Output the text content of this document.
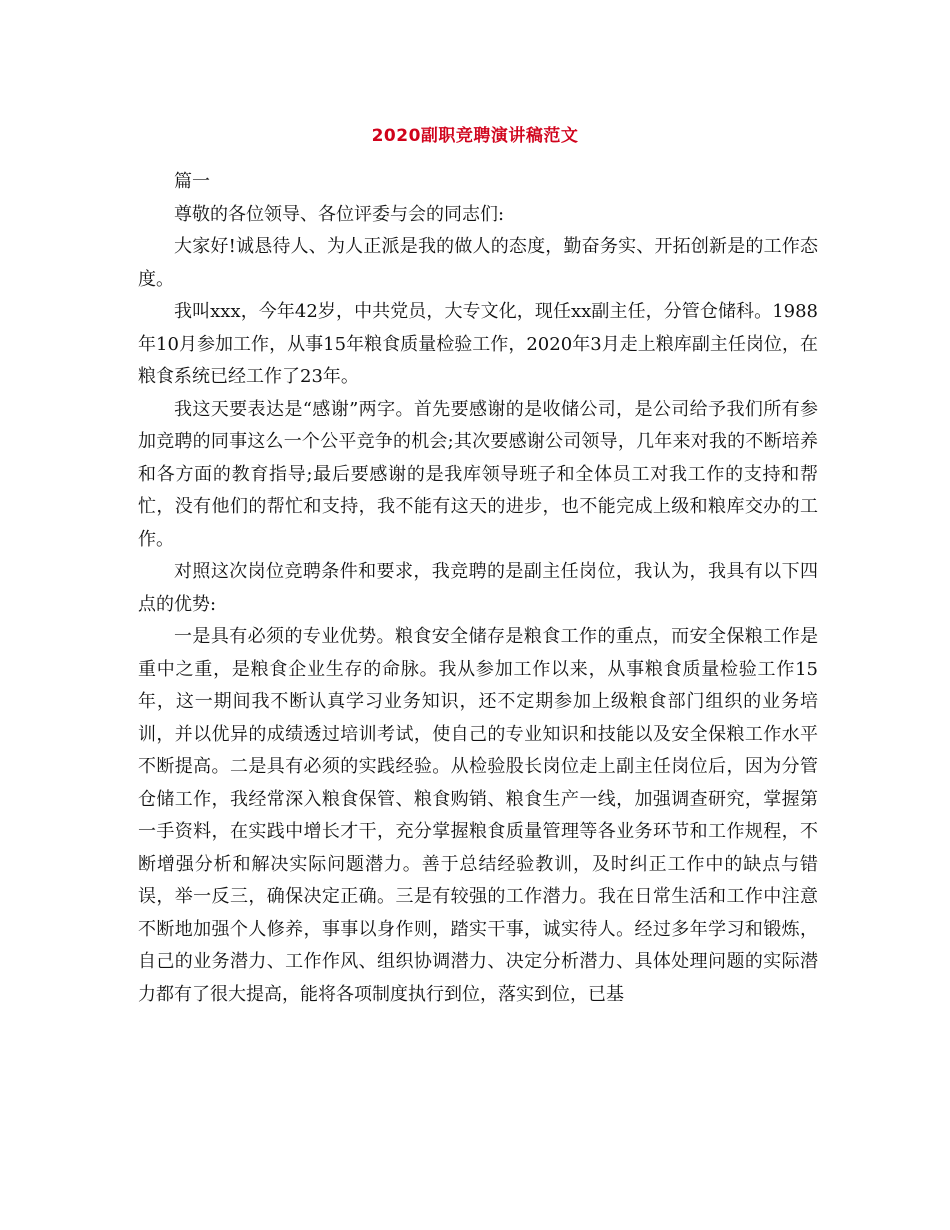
2020副职竞聘演讲稿范文

篇一

尊敬的各位领导、各位评委与会的同志们:

大家好!诚恳待人、为人正派是我的做人的态度，勤奋务实、开拓创新是的工作态度。

我叫xxx，今年42岁，中共党员，大专文化，现任xx副主任，分管仓储科。1988年10月参加工作，从事15年粮食质量检验工作，2020年3月走上粮库副主任岗位，在粮食系统已经工作了23年。

我这天要表达是“感谢”两字。首先要感谢的是收储公司，是公司给予我们所有参加竞聘的同事这么一个公平竞争的机会;其次要感谢公司领导，几年来对我的不断培养和各方面的教育指导;最后要感谢的是我库领导班子和全体员工对我工作的支持和帮忙，没有他们的帮忙和支持，我不能有这天的进步，也不能完成上级和粮库交办的工作。

对照这次岗位竞聘条件和要求，我竞聘的是副主任岗位，我认为，我具有以下四点的优势:

一是具有必须的专业优势。粮食安全储存是粮食工作的重点，而安全保粮工作是重中之重，是粮食企业生存的命脉。我从参加工作以来，从事粮食质量检验工作15年，这一期间我不断认真学习业务知识，还不定期参加上级粮食部门组织的业务培训，并以优异的成绩透过培训考试，使自己的专业知识和技能以及安全保粮工作水平不断提高。二是具有必须的实践经验。从检验股长岗位走上副主任岗位后，因为分管仓储工作，我经常深入粮食保管、粮食购销、粮食生产一线，加强调查研究，掌握第一手资料，在实践中增长才干，充分掌握粮食质量管理等各业务环节和工作规程，不断增强分析和解决实际问题潜力。善于总结经验教训，及时纠正工作中的缺点与错误，举一反三，确保决定正确。三是有较强的工作潜力。我在日常生活和工作中注意不断地加强个人修养，事事以身作则，踏实干事，诚实待人。经过多年学习和锻炼，自己的业务潜力、工作作风、组织协调潜力、决定分析潜力、具体处理问题的实际潜力都有了很大提高，能将各项制度执行到位，落实到位，已基
